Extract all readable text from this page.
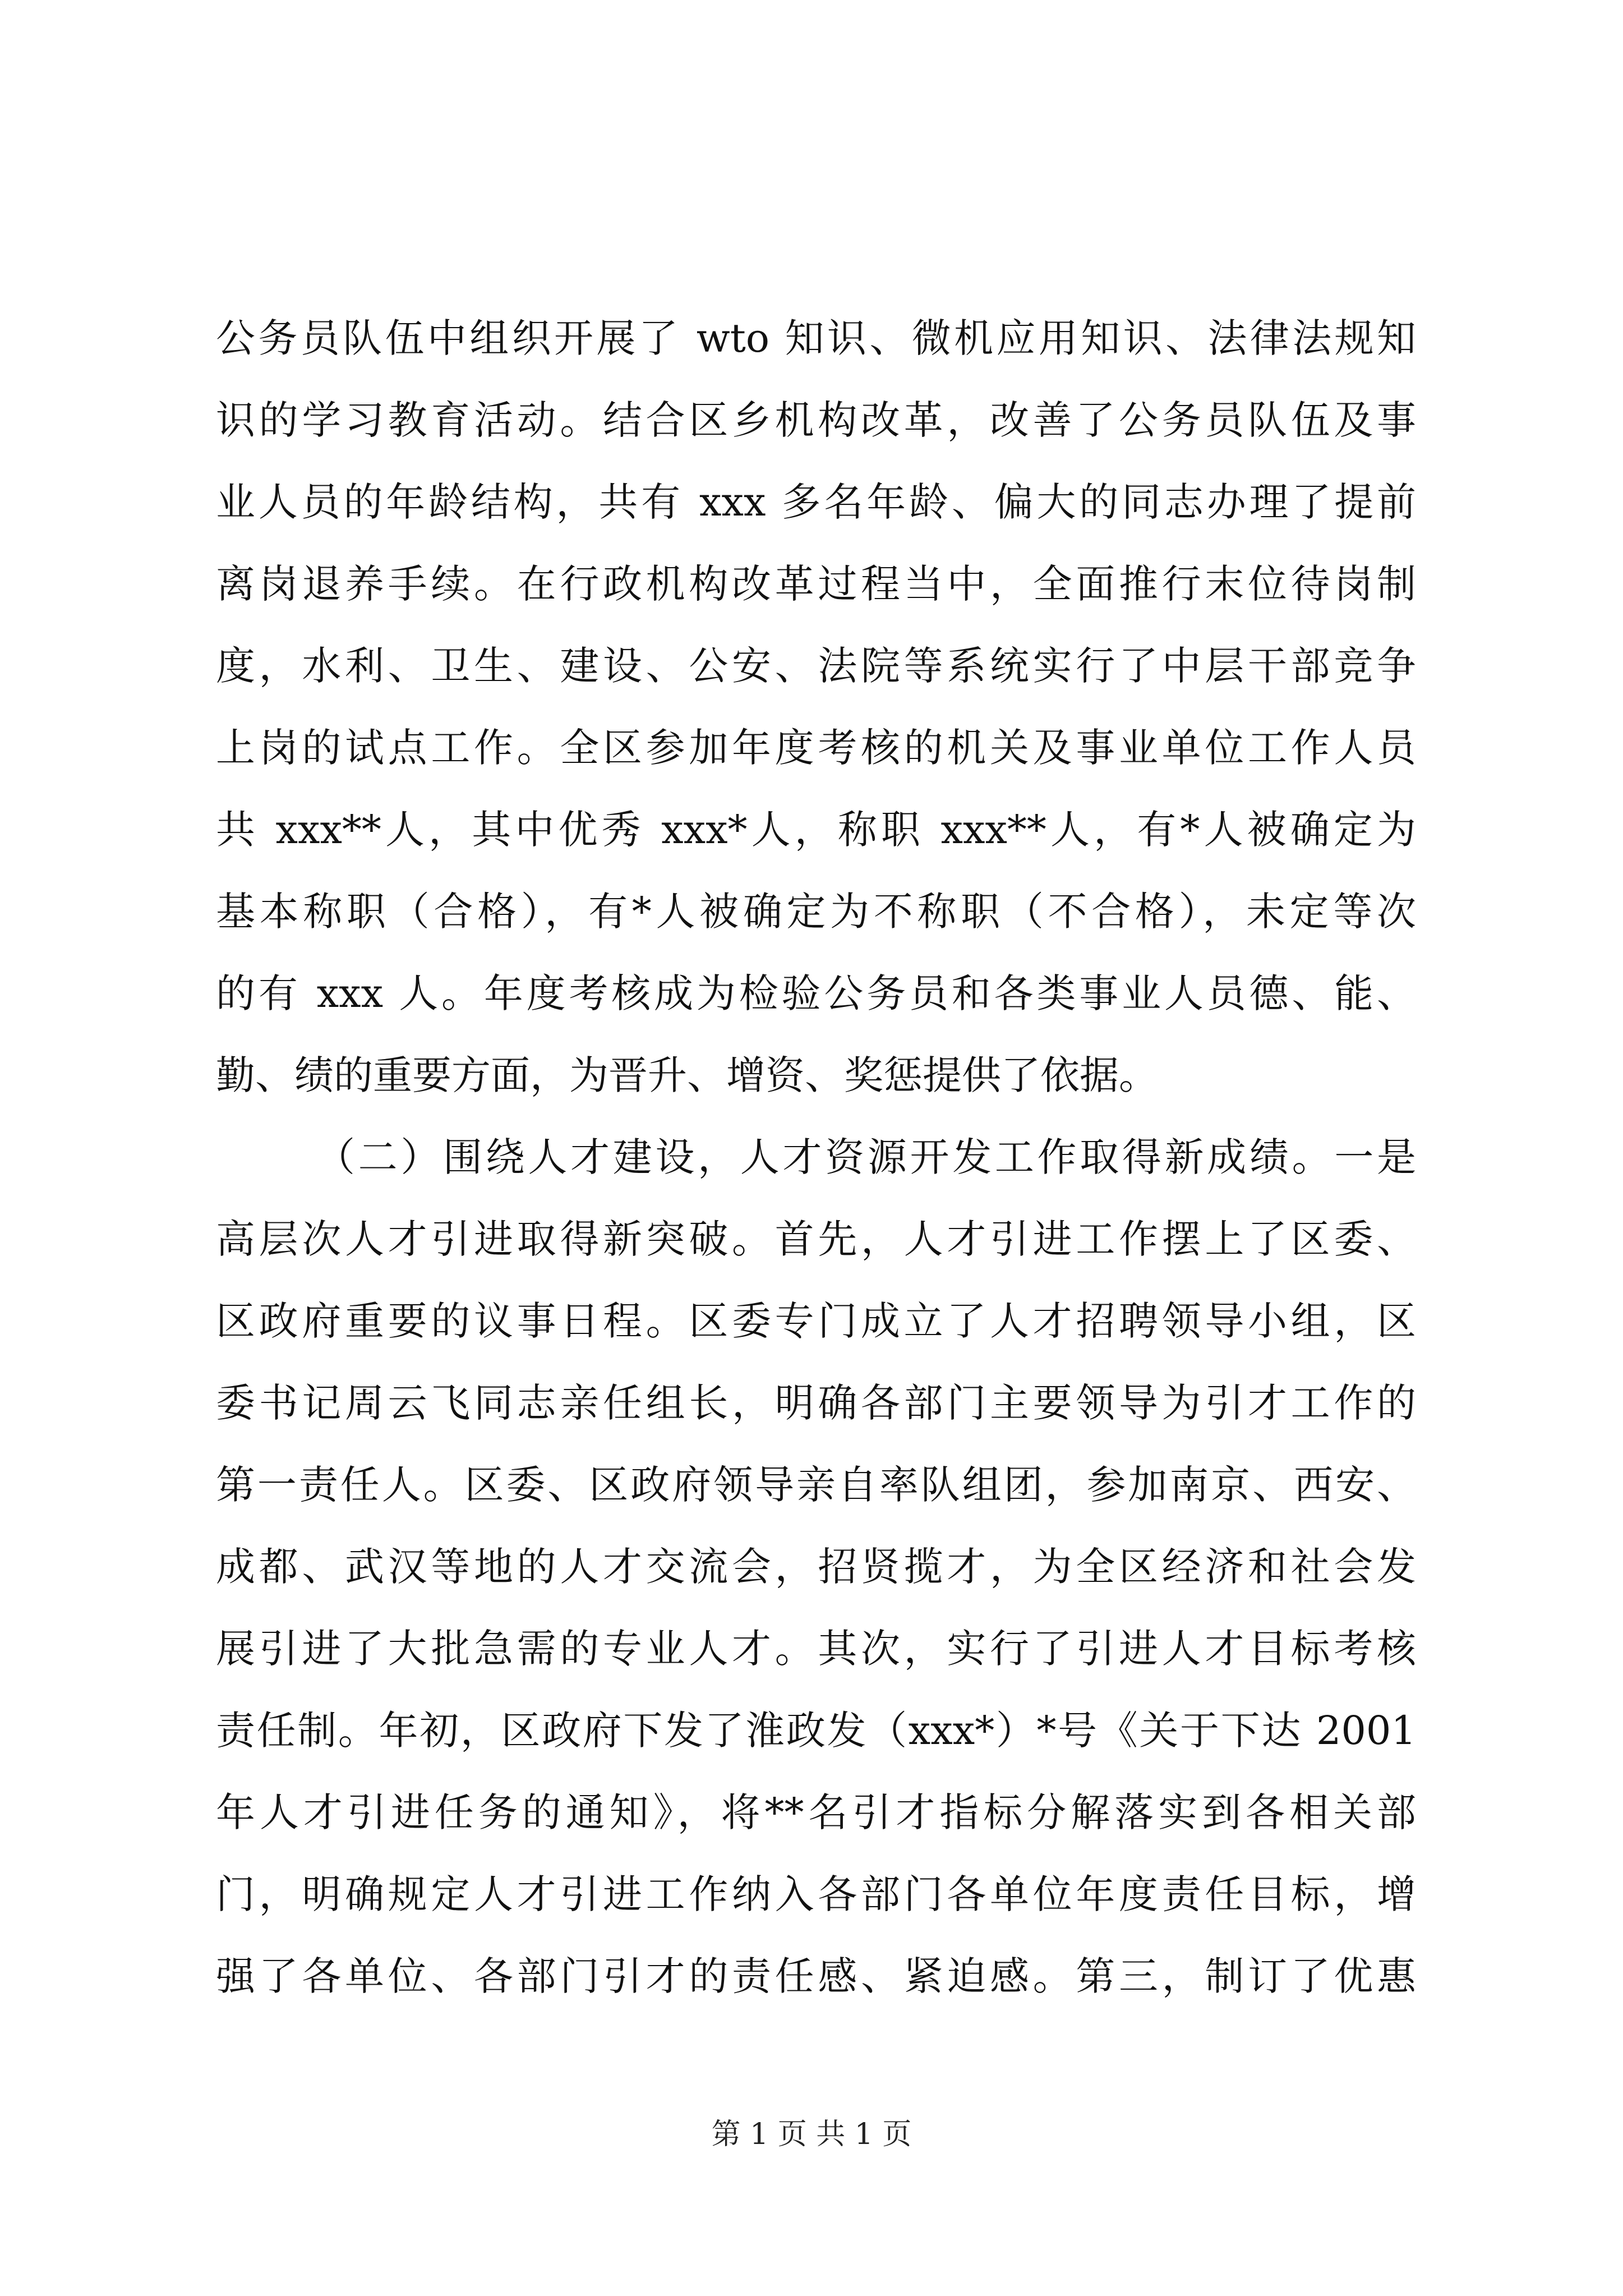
公务员队伍中组织开展了 wto 知识、微机应用知识、法律法规知
识的学习教育活动。结合区乡机构改革，改善了公务员队伍及事
业人员的年龄结构，共有 xxx 多名年龄、偏大的同志办理了提前
离岗退养手续。在行政机构改革过程当中，全面推行末位待岗制
度，水利、卫生、建设、公安、法院等系统实行了中层干部竞争
上岗的试点工作。全区参加年度考核的机关及事业单位工作人员
共 xxx**人，其中优秀 xxx*人，称职 xxx**人，有*人被确定为
基本称职（合格），有*人被确定为不称职（不合格），未定等次
的有 xxx 人。年度考核成为检验公务员和各类事业人员德、能、
勤、绩的重要方面，为晋升、增资、奖惩提供了依据。
（二）围绕人才建设，人才资源开发工作取得新成绩。一是
高层次人才引进取得新突破。首先，人才引进工作摆上了区委、
区政府重要的议事日程。区委专门成立了人才招聘领导小组，区
委书记周云飞同志亲任组长，明确各部门主要领导为引才工作的
第一责任人。区委、区政府领导亲自率队组团，参加南京、西安、
成都、武汉等地的人才交流会，招贤揽才，为全区经济和社会发
展引进了大批急需的专业人才。其次，实行了引进人才目标考核
责任制。年初，区政府下发了淮政发（xxx*）*号《关于下达 2001
年人才引进任务的通知》，将**名引才指标分解落实到各相关部
门，明确规定人才引进工作纳入各部门各单位年度责任目标，增
强了各单位、各部门引才的责任感、紧迫感。第三，制订了优惠
第 1 页 共 1 页
